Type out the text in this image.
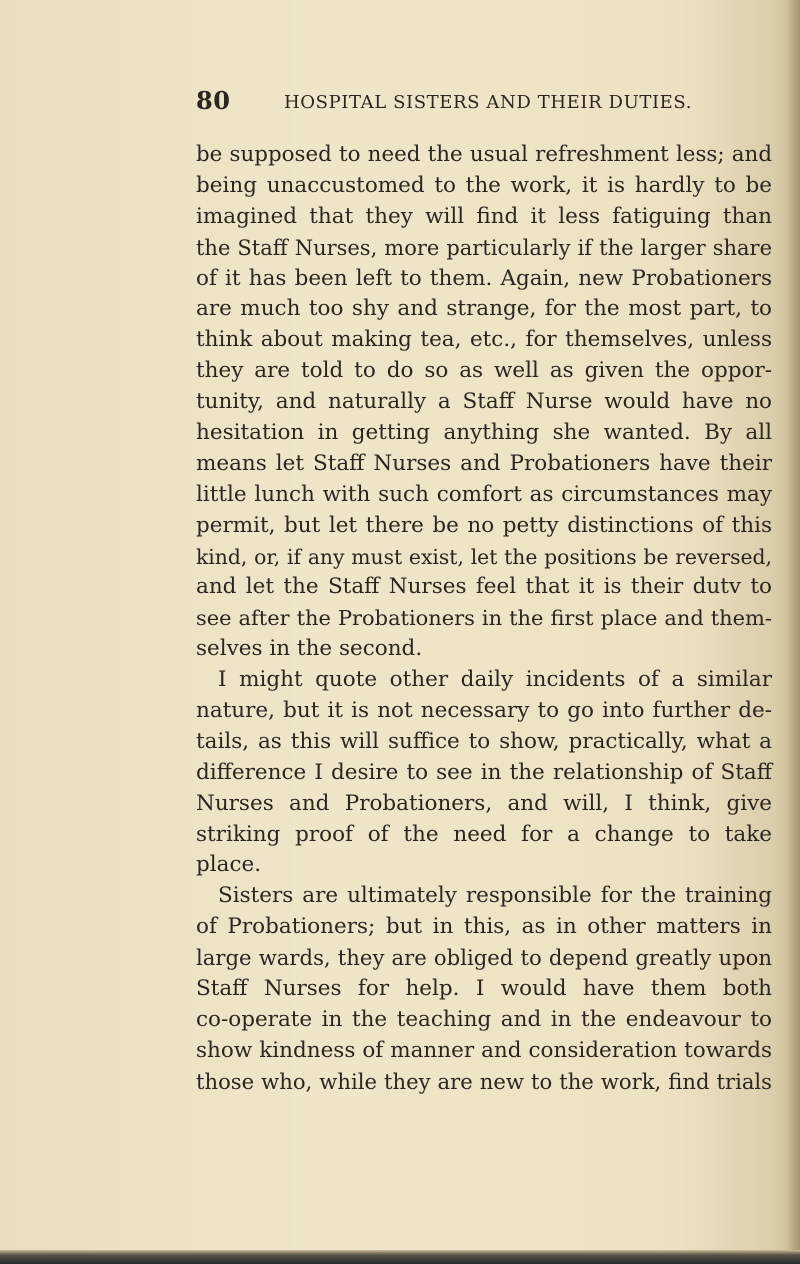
80	HOSPITAL SISTERS AND THEIR DUTIES.
be supposed to need the usual refreshment less; and
being unaccustomed to the work, it is hardly to be
imagined that they will find it less fatiguing than
the Staff Nurses, more particularly if the larger share
of it has been left to them. Again, new Probationers
are much too shy and strange, for the most part, to
think about making tea, etc., for themselves, unless
they are told to do so as well as given the oppor-
tunity, and naturally a Staff Nurse would have no
hesitation in getting anything she wanted. By all
means let Staff Nurses and Probationers have their
little lunch with such comfort as circumstances may
permit, but let there be no petty distinctions of this
kind, or, if any must exist, let the positions be reversed,
and let the Staff Nurses feel that it is their dutv to
see after the Probationers in the first place and them-
selves in the second.
I might quote other daily incidents of a similar
nature, but it is not necessary to go into further de-
tails, as this will suffice to show, practically, what a
difference I desire to see in the relationship of Staff
Nurses and Probationers, and will, I think, give
striking proof of the need for a change to take
place.
Sisters are ultimately responsible for the training
of Probationers; but in this, as in other matters in
large wards, they are obliged to depend greatly upon
Staff Nurses for help. I would have them both
co-operate in the teaching and in the endeavour to
show kindness of manner and consideration towards
those who, while they are new to the work, find trials
